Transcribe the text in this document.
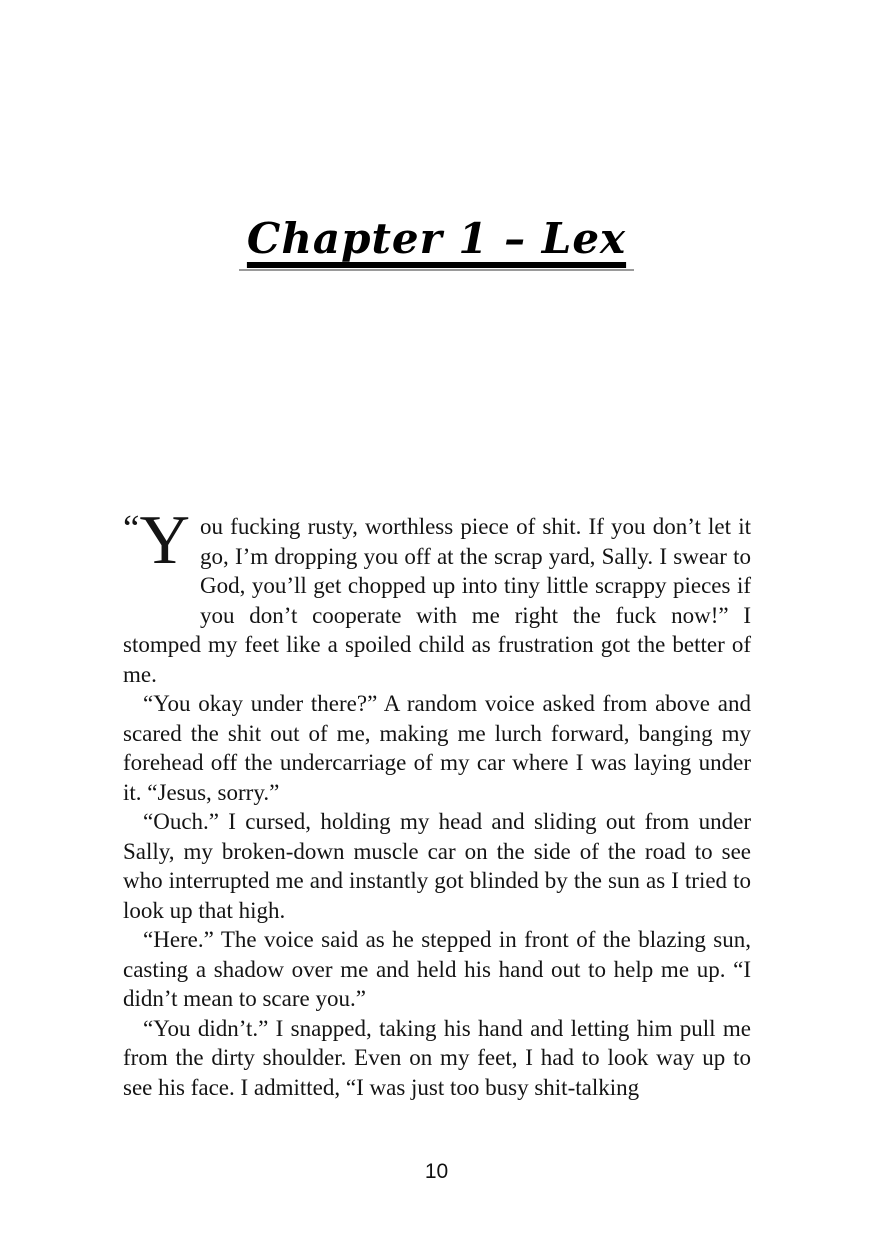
Chapter 1 – Lex

“ Y ou fucking rusty, worthless piece of shit. If you don’t let it go, I’m dropping you off at the scrap yard, Sally. I swear to God, you’ll get chopped up into tiny little scrappy pieces if you don’t cooperate with me right the fuck now!” I stomped my feet like a spoiled child as frustration got the better of me.

“You okay under there?” A random voice asked from above and scared the shit out of me, making me lurch forward, banging my forehead off the undercarriage of my car where I was laying under it. “Jesus, sorry.”

“Ouch.” I cursed, holding my head and sliding out from under Sally, my broken-down muscle car on the side of the road to see who interrupted me and instantly got blinded by the sun as I tried to look up that high.

“Here.” The voice said as he stepped in front of the blazing sun, casting a shadow over me and held his hand out to help me up. “I didn’t mean to scare you.”

“You didn’t.” I snapped, taking his hand and letting him pull me from the dirty shoulder. Even on my feet, I had to look way up to see his face. I admitted, “I was just too busy shit-talking

10
